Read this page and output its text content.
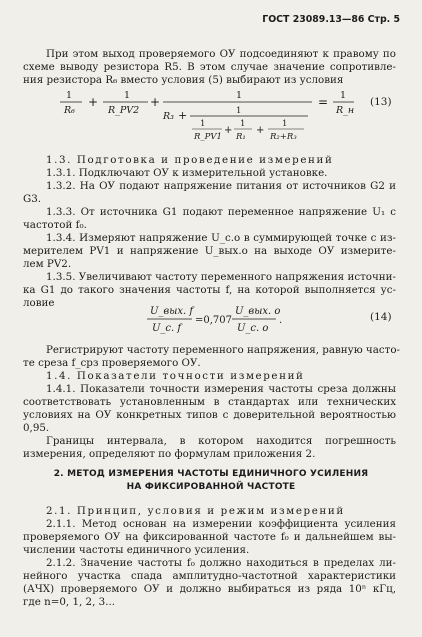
ГОСТ 23089.13—86 Стр. 5
При этом выход проверяемого ОУ подсоединяют к правому по
схеме выводу резистора R5. В этом случае значение сопротивле-
ния резистора R₆ вместо условия (5) выбирают из условия
1
R₆
+	1
R_PV2
+	1
R₃ +	1
1
R_PV1
+
1
R₁
+
1
R₂+R₃
= 1
R_н
(13)
1.3. Подготовка и проведение измерений
1.3.1. Подключают ОУ к измерительной установке.
1.3.2. На ОУ подают напряжение питания от источников G2 и
G3.
1.3.3. От источника G1 подают переменное напряжение U₁ с
частотой f₀.
1.3.4. Измеряют напряжение U_с.о в суммирующей точке с из-
мерителем PV1 и напряжение U_вых.о на выходе ОУ измерите-
лем PV2.
1.3.5. Увеличивают частоту переменного напряжения источни-
ка G1 до такого значения частоты f, на которой выполняется ус-
ловие
U_вых. f
U_с. f
=0,707
U_вых. о
U_с. о
.	(14)
Регистрируют частоту переменного напряжения, равную часто-
те среза f_срз проверяемого ОУ.
1.4. Показатели точности измерений
1.4.1. Показатели точности измерения частоты среза должны
соответствовать установленным в стандартах или технических
условиях на ОУ конкретных типов с доверительной вероятностью
0,95.
Границы интервала, в котором находится погрешность
измерения, определяют по формулам приложения 2.
2. МЕТОД ИЗМЕРЕНИЯ ЧАСТОТЫ ЕДИНИЧНОГО УСИЛЕНИЯ
НА ФИКСИРОВАННОЙ ЧАСТОТЕ
2.1. Принцип, условия и режим измерений
2.1.1. Метод основан на измерении коэффициента усиления
проверяемого ОУ на фиксированной частоте f₀ и дальнейшем вы-
числении частоты единичного усиления.
2.1.2. Значение частоты f₀ должно находиться в пределах ли-
нейного участка спада амплитудно-частотной характеристики
(АЧХ) проверяемого ОУ и должно выбираться из ряда 10ⁿ кГц,
где n=0, 1, 2, 3...
